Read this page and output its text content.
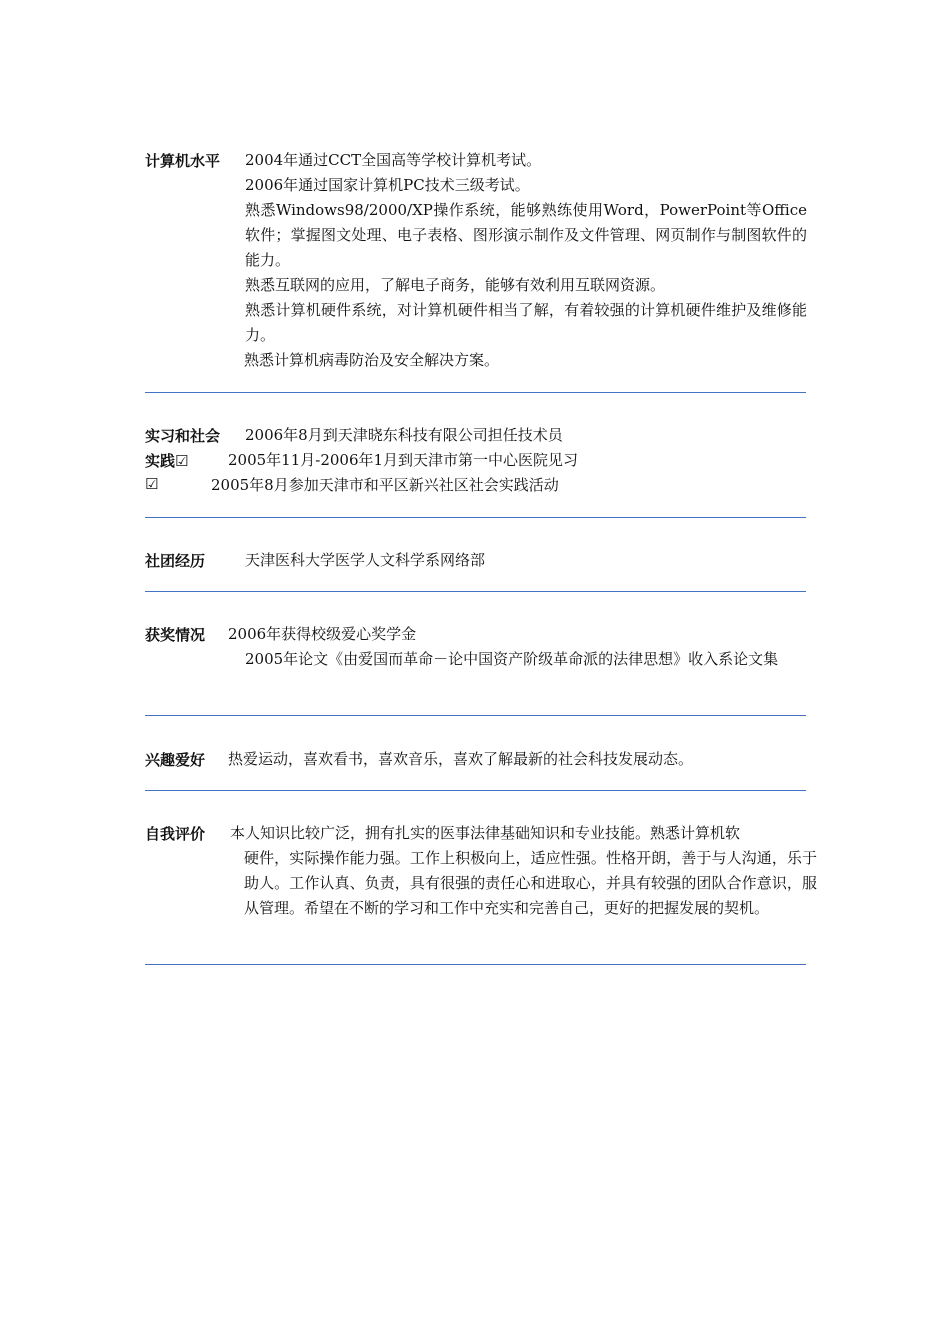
计算机水平 2004年通过CCT全国高等学校计算机考试。
2006年通过国家计算机PC技术三级考试。
熟悉Windows98/2000/XP操作系统，能够熟练使用Word，PowerPoint等Office软件；掌握图文处理、电子表格、图形演示制作及文件管理、网页制作与制图软件的能力。
熟悉互联网的应用，了解电子商务，能够有效利用互联网资源。
熟悉计算机硬件系统，对计算机硬件相当了解，有着较强的计算机硬件维护及维修能力。
熟悉计算机病毒防治及安全解决方案。
实习和社会
实践☑
☑
2006年8月到天津晓东科技有限公司担任技术员
2005年11月-2006年1月到天津市第一中心医院见习
2005年8月参加天津市和平区新兴社区社会实践活动
社团经历	天津医科大学医学人文科学系网络部
获奖情况 2006年获得校级爱心奖学金
2005年论文《由爱国而革命－论中国资产阶级革命派的法律思想》收入系论文集
兴趣爱好 热爱运动，喜欢看书，喜欢音乐，喜欢了解最新的社会科技发展动态。
自我评价 本人知识比较广泛，拥有扎实的医事法律基础知识和专业技能。熟悉计算机软
硬件，实际操作能力强。工作上积极向上，适应性强。性格开朗，善于与人沟通，乐于助人。工作认真、负责，具有很强的责任心和进取心，并具有较强的团队合作意识，服从管理。希望在不断的学习和工作中充实和完善自己，更好的把握发展的契机。
